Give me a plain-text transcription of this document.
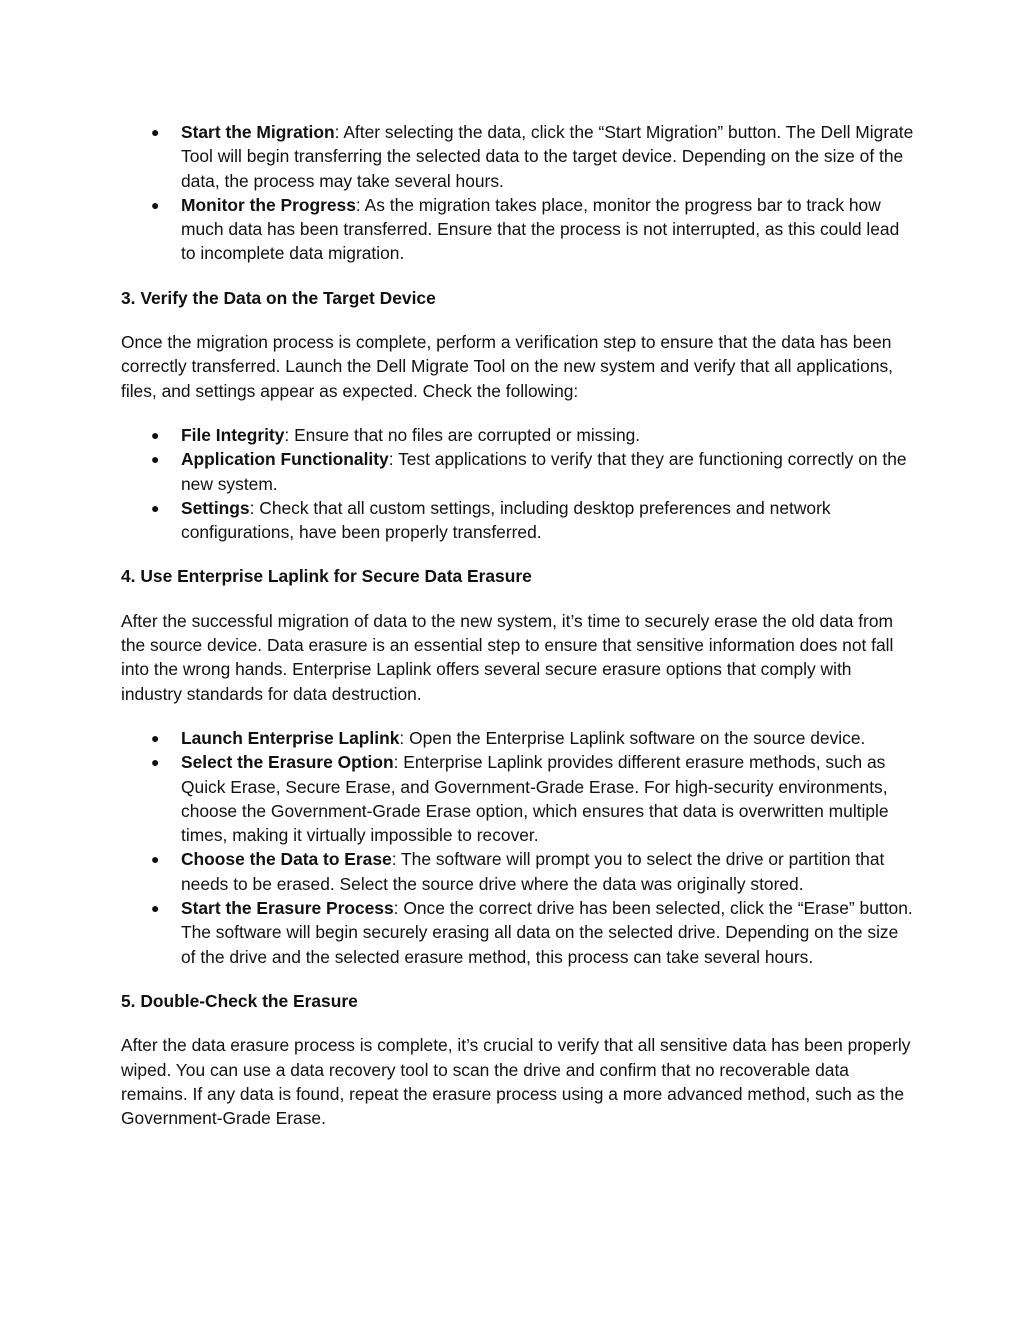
● Start the Migration: After selecting the data, click the “Start Migration” button. The Dell Migrate Tool will begin transferring the selected data to the target device. Depending on the size of the data, the process may take several hours.
● Monitor the Progress: As the migration takes place, monitor the progress bar to track how much data has been transferred. Ensure that the process is not interrupted, as this could lead to incomplete data migration.
3. Verify the Data on the Target Device

Once the migration process is complete, perform a verification step to ensure that the data has been correctly transferred. Launch the Dell Migrate Tool on the new system and verify that all applications, files, and settings appear as expected. Check the following:

● File Integrity: Ensure that no files are corrupted or missing.
● Application Functionality: Test applications to verify that they are functioning correctly on the new system.
● Settings: Check that all custom settings, including desktop preferences and network configurations, have been properly transferred.
4. Use Enterprise Laplink for Secure Data Erasure

After the successful migration of data to the new system, it’s time to securely erase the old data from the source device. Data erasure is an essential step to ensure that sensitive information does not fall into the wrong hands. Enterprise Laplink offers several secure erasure options that comply with industry standards for data destruction.

● Launch Enterprise Laplink: Open the Enterprise Laplink software on the source device.
● Select the Erasure Option: Enterprise Laplink provides different erasure methods, such as Quick Erase, Secure Erase, and Government-Grade Erase. For high-security environments, choose the Government-Grade Erase option, which ensures that data is overwritten multiple times, making it virtually impossible to recover.
● Choose the Data to Erase: The software will prompt you to select the drive or partition that needs to be erased. Select the source drive where the data was originally stored.
● Start the Erasure Process: Once the correct drive has been selected, click the “Erase” button. The software will begin securely erasing all data on the selected drive. Depending on the size of the drive and the selected erasure method, this process can take several hours.
5. Double-Check the Erasure

After the data erasure process is complete, it’s crucial to verify that all sensitive data has been properly wiped. You can use a data recovery tool to scan the drive and confirm that no recoverable data remains. If any data is found, repeat the erasure process using a more advanced method, such as the Government-Grade Erase.
